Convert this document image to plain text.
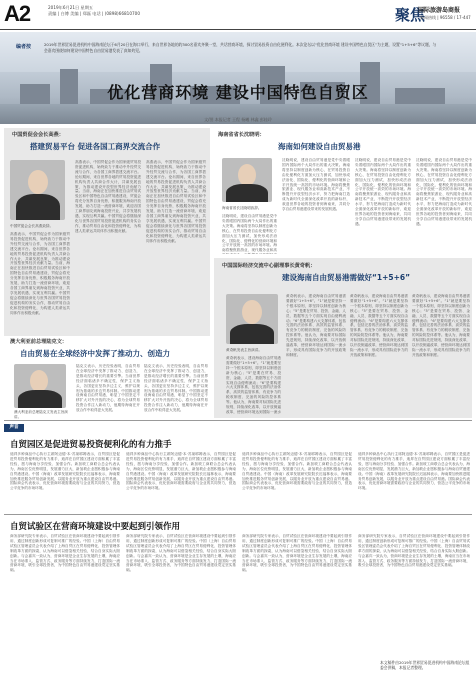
A2	2019年6月21日 星期五
责编 | 白傅 美编 | 郑磊 电话 | (0898)66810700	聚焦
国际旅游岛商报
新闻热线 | 96558 / 17-447
编者按	2019年世界贸易促进机构中国海南论坛于6月20日在海口举行，来自世界各地的约300名嘉宾齐聚一堂，共话营商环境，探讨贸易投资自由化便利化。本次论坛以“优化营商环境 建设中国特色自贸区”为主题，设置“1+5+6”等议题，与会嘉宾围绕如何建设中国特色自由贸易港发表了真知灼见。
优化营商环境 建设中国特色自贸区
文/图 本报记者 王程 杨曦 林鑫 彭桂玲
中国贸促会会长高燕：
搭建贸易平台 促进各国工商界交流合作
中国贸促会会长高燕致辞。
高燕表示，中国贸促会作为国家级贸易投资促进机构，始终致力于推动中外经贸交流与合作，为各国工商界搭建交流平台。论坛期间，来自世界各地的贸易投资促进机构负责人共商合作大计，共谋发展良策，为推动建设开放型世界经济贡献力量。当前，海南正在加快推进自由贸易试验区和中国特色自由贸易港建设，贸促会将充分发挥自身优势，积极服务海南开放发展，助力打造一流营商环境，欢迎各国工商界朋友到海南投资兴业，共享发展机遇，实现互利共赢。中国贸促会将继续深化与世界各国贸易投资促进机构的务实合作，推动贸易自由化和投资便利化，为构建人类命运共同体作出积极贡献。
高燕表示，中国贸促会作为国家级贸易投资促进机构，始终致力于推动中外经贸交流与合作，为各国工商界搭建交流平台。论坛期间，来自世界各地的贸易投资促进机构负责人共商合作大计，共谋发展良策，为推动建设开放型世界经济贡献力量。当前，海南正在加快推进自由贸易试验区和中国特色自由贸易港建设，贸促会将充分发挥自身优势，积极服务海南开放发展，助力打造一流营商环境，欢迎各国工商界朋友到海南投资兴业，共享发展机遇，实现互利共赢。中国贸促会将继续深化与世界各国贸易投资促进机构的务实合作，推动贸易自由化和投资便利化，为构建人类命运共同体作出积极贡献。
高燕表示，中国贸促会作为国家级贸易投资促进机构，始终致力于推动中外经贸交流与合作，为各国工商界搭建交流平台。论坛期间，来自世界各地的贸易投资促进机构负责人共商合作大计，共谋发展良策，为推动建设开放型世界经济贡献力量。当前，海南正在加快推进自由贸易试验区和中国特色自由贸易港建设，贸促会将充分发挥自身优势，积极服务海南开放发展，助力打造一流营商环境，欢迎各国工商界朋友到海南投资兴业，共享发展机遇，实现互利共赢。中国贸促会将继续深化与世界各国贸易投资促进机构的务实合作，推动贸易自由化和投资便利化，为构建人类命运共同体作出积极贡献。
海南省省长沈晓明：
海南如何建设自由贸易港
海南省省长沈晓明致辞。
沈晓明说，建设自由贸易港是党中央着眼国内国际两个大局作出的重大决策。海南将坚持以制度创新为核心，在贸易投资自由化便利化方面加大压力测试，加快形成法治化、国际化、便利化的营商环境和公平开放统一高效的市场环境。海南将聚焦旅游业、现代服务业和高
沈晓明说，建设自由贸易港是党中央着眼国内国际两个大局作出的重大决策。海南将坚持以制度创新为核心，在贸易投资自由化便利化方面加大压力测试，加快形成法治化、国际化、便利化的营商环境和公平开放统一高效的市场环境。海南将聚焦旅游业、现代服务业和高新技术产业，不断提升开放型经济水平，努力把海南打造成为新时代全面深化改革开放的新标杆，欢迎世界各地的投资者到海南来，共同分享自由贸易港建设带来的发展机遇。
沈晓明说，建设自由贸易港是党中央着眼国内国际两个大局作出的重大决策。海南将坚持以制度创新为核心，在贸易投资自由化便利化方面加大压力测试，加快形成法治化、国际化、便利化的营商环境和公平开放统一高效的市场环境。海南将聚焦旅游业、现代服务业和高新技术产业，不断提升开放型经济水平，努力把海南打造成为新时代全面深化改革开放的新标杆，欢迎世界各地的投资者到海南来，共同分享自由贸易港建设带来的发展机遇。
沈晓明说，建设自由贸易港是党中央着眼国内国际两个大局作出的重大决策。海南将坚持以制度创新为核心，在贸易投资自由化便利化方面加大压力测试，加快形成法治化、国际化、便利化的营商环境和公平开放统一高效的市场环境。海南将聚焦旅游业、现代服务业和高新技术产业，不断提升开放型经济水平，努力把海南打造成为新时代全面深化改革开放的新标杆，欢迎世界各地的投资者到海南来，共同分享自由贸易港建设带来的发展机遇。
中国国际经济交流中心副理事长黄奇帆：
建设海南自由贸易港需做好“1+5+6”
黄奇帆发表主旨演讲。
黄奇帆表示，建设海南自由贸易港需要做好“1+5+6”。“1”就是要坚持一个根本原则，即坚持以制度创新为核心；“5”是要在贸易、投资、金融、人员、数据等五个方面实现自由便利流动；“6”是要构建六大支撑体系，包括完善的法治体系、高效的监管体系、有竞争力的税收制度、完备的风险防控体系等。他认为，海南要对标国际先进规则，持续深化改革，以开放倒逼改革，使营商环境达到国际一流水
黄奇帆表示，建设海南自由贸易港需要做好“1+5+6”。“1”就是要坚持一个根本原则，即坚持以制度创新为核心；“5”是要在贸易、投资、金融、人员、数据等五个方面实现自由便利流动；“6”是要构建六大支撑体系，包括完善的法治体系、高效的监管体系、有竞争力的税收制度、完备的风险防控体系等。他认为，海南要对标国际先进规则，持续深化改革，以开放倒逼改革，使营商环境达到国际一流水平，形成具有国际竞争力的开放政策和制度。
黄奇帆表示，建设海南自由贸易港需要做好“1+5+6”。“1”就是要坚持一个根本原则，即坚持以制度创新为核心；“5”是要在贸易、投资、金融、人员、数据等五个方面实现自由便利流动；“6”是要构建六大支撑体系，包括完善的法治体系、高效的监管体系、有竞争力的税收制度、完备的风险防控体系等。他认为，海南要对标国际先进规则，持续深化改革，以开放倒逼改革，使营商环境达到国际一流水平，形成具有国际竞争力的开放政策和制度。
黄奇帆表示，建设海南自由贸易港需要做好“1+5+6”。“1”就是要坚持一个根本原则，即坚持以制度创新为核心；“5”是要在贸易、投资、金融、人员、数据等五个方面实现自由便利流动；“6”是要构建六大支撑体系，包括完善的法治体系、高效的监管体系、有竞争力的税收制度、完备的风险防控体系等。他认为，海南要对标国际先进规则，持续深化改革，以开放倒逼改革，使营商环境达到国际一流水平，形成具有国际竞争力的开放政策和制度。
澳大利亚前总理陆克文：
自由贸易在全球经济中发挥了推动力、创造力
澳大利亚前总理陆克文发表主旨演讲。
陆克文表示，历史经验表明，自由贸易在全球经济中发挥了推动力、创造力，是推动经济增长的重要引擎。当前世界经济面临诸多不确定性，保护主义抬头，各国更应坚持多边主义，维护以规则为基础的多边贸易体制。中国推动建设海南自由贸易港，彰显了中国坚定不移扩大对外开放的决心，将为全球贸易投资合作注入新动力，他期待海南在开放合作中取得更大发展。
陆克文表示，历史经验表明，自由贸易在全球经济中发挥了推动力、创造力，是推动经济增长的重要引擎。当前世界经济面临诸多不确定性，保护主义抬头，各国更应坚持多边主义，维护以规则为基础的多边贸易体制。中国推动建设海南自由贸易港，彰显了中国坚定不移扩大对外开放的决心，将为全球贸易投资合作注入新动力，他期待海南在开放合作中取得更大发展。
声音
自贸园区是促进贸易投资便利化的有力推手
迪拜多种商品中心执行主席阿迈德·本·苏莱耶姆表示，自贸园区是促进贸易投资便利化的有力推手，迪拜在自贸园区建设方面积累了丰富经验，愿与海南分享经验、加强合作。新加坡工商联合总会代表认为，海南区位优势明显，发展潜力巨大，新加坡企业愿积极参与海南自贸港建设。中国（海南）改革发展研究院院长迟福林表示，海南要加快推进服务贸易创新发展，以服务业开放为重点建设自由贸易港。国际商会代表表示，优化营商环境需要政府与企业的共同努力，营造公平竞争的市场环境。
迪拜多种商品中心执行主席阿迈德·本·苏莱耶姆表示，自贸园区是促进贸易投资便利化的有力推手，迪拜在自贸园区建设方面积累了丰富经验，愿与海南分享经验、加强合作。新加坡工商联合总会代表认为，海南区位优势明显，发展潜力巨大，新加坡企业愿积极参与海南自贸港建设。中国（海南）改革发展研究院院长迟福林表示，海南要加快推进服务贸易创新发展，以服务业开放为重点建设自由贸易港。国际商会代表表示，优化营商环境需要政府与企业的共同努力，营造公平竞争的市场环境。
迪拜多种商品中心执行主席阿迈德·本·苏莱耶姆表示，自贸园区是促进贸易投资便利化的有力推手，迪拜在自贸园区建设方面积累了丰富经验，愿与海南分享经验、加强合作。新加坡工商联合总会代表认为，海南区位优势明显，发展潜力巨大，新加坡企业愿积极参与海南自贸港建设。中国（海南）改革发展研究院院长迟福林表示，海南要加快推进服务贸易创新发展，以服务业开放为重点建设自由贸易港。国际商会代表表示，优化营商环境需要政府与企业的共同努力，营造公平竞争的市场环境。
迪拜多种商品中心执行主席阿迈德·本·苏莱耶姆表示，自贸园区是促进贸易投资便利化的有力推手，迪拜在自贸园区建设方面积累了丰富经验，愿与海南分享经验、加强合作。新加坡工商联合总会代表认为，海南区位优势明显，发展潜力巨大，新加坡企业愿积极参与海南自贸港建设。中国（海南）改革发展研究院院长迟福林表示，海南要加快推进服务贸易创新发展，以服务业开放为重点建设自由贸易港。国际商会代表表示，优化营商环境需要政府与企业的共同努力，营造公平竞争的市场环境。
自贸试验区在营商环境建设中要起到引领作用
商务部研究院专家表示，自贸试验区在营商环境建设中要起到引领作用，通过制度创新形成可复制可推广的经验。中国（上海）自由贸易试验区管理委员会代表介绍了上海自贸区在贸易便利化、投资管理体制改革方面的探索，认为海南可以借鉴相关经验，结合自身实际大胆创新。与会嘉宾一致认为，营商环境是企业生存发展的土壤，海南应当在市场准入、监管方式、政务服务等方面持续发力，打造国际一流营商环境，吸引全球投资者，为中国特色自由贸易港建设奠定坚实基础。
商务部研究院专家表示，自贸试验区在营商环境建设中要起到引领作用，通过制度创新形成可复制可推广的经验。中国（上海）自由贸易试验区管理委员会代表介绍了上海自贸区在贸易便利化、投资管理体制改革方面的探索，认为海南可以借鉴相关经验，结合自身实际大胆创新。与会嘉宾一致认为，营商环境是企业生存发展的土壤，海南应当在市场准入、监管方式、政务服务等方面持续发力，打造国际一流营商环境，吸引全球投资者，为中国特色自由贸易港建设奠定坚实基础。
商务部研究院专家表示，自贸试验区在营商环境建设中要起到引领作用，通过制度创新形成可复制可推广的经验。中国（上海）自由贸易试验区管理委员会代表介绍了上海自贸区在贸易便利化、投资管理体制改革方面的探索，认为海南可以借鉴相关经验，结合自身实际大胆创新。与会嘉宾一致认为，营商环境是企业生存发展的土壤，海南应当在市场准入、监管方式、政务服务等方面持续发力，打造国际一流营商环境，吸引全球投资者，为中国特色自由贸易港建设奠定坚实基础。
商务部研究院专家表示，自贸试验区在营商环境建设中要起到引领作用，通过制度创新形成可复制可推广的经验。中国（上海）自由贸易试验区管理委员会代表介绍了上海自贸区在贸易便利化、投资管理体制改革方面的探索，认为海南可以借鉴相关经验，结合自身实际大胆创新。与会嘉宾一致认为，营商环境是企业生存发展的土壤，海南应当在市场准入、监管方式、政务服务等方面持续发力，打造国际一流营商环境，吸引全球投资者，为中国特色自由贸易港建设奠定坚实基础。
本文稿件由2019年世界贸易促进机构中国海南论坛组委会供稿，本报记者整理。
